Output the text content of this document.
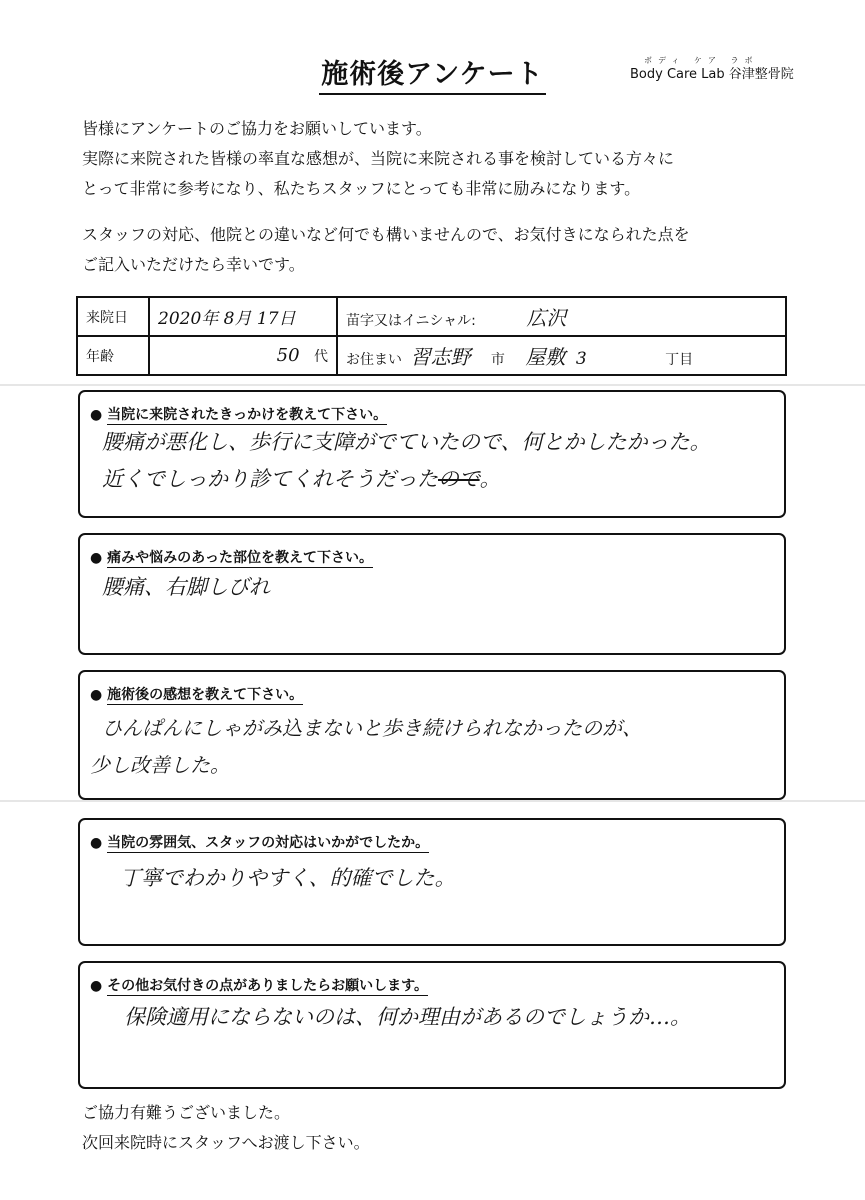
施術後アンケート	ボディ ケア ラボ
Body Care Lab 谷津整骨院

皆様にアンケートのご協力をお願いしています。

実際に来院された皆様の率直な感想が、当院に来院される事を検討している方々に

とって非常に参考になり、私たちスタッフにとっても非常に励みになります。

スタッフの対応、他院との違いなど何でも構いませんので、お気付きになられた点を

ご記入いただけたら幸いです。

来院日	2020年 8月 17日	苗字又はイニシャル: 広沢
年齢	50 代	お住まい 習志野 市 屋敷 3 丁目
● 当院に来院されたきっかけを教えて下さい。
腰痛が悪化し、歩行に支障がでていたので、何とかしたかった。
近くでしっかり診てくれそうだったので。
● 痛みや悩みのあった部位を教えて下さい。
腰痛、右脚しびれ
● 施術後の感想を教えて下さい。
ひんぱんにしゃがみ込まないと歩き続けられなかったのが、
少し改善した。
● 当院の雰囲気、スタッフの対応はいかがでしたか。
丁寧でわかりやすく、的確でした。
● その他お気付きの点がありましたらお願いします。
保険適用にならないのは、何か理由があるのでしょうか…。

ご協力有難うございました。

次回来院時にスタッフへお渡し下さい。
